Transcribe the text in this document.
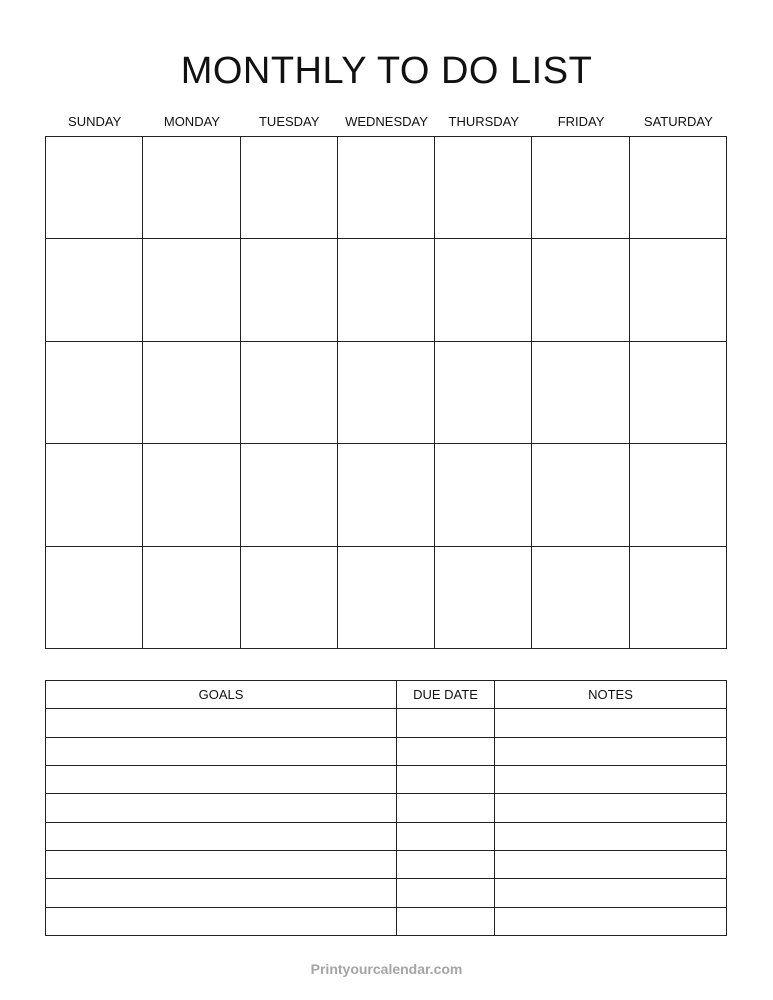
MONTHLY TO DO LIST
SUNDAY	MONDAY	TUESDAY	WEDNESDAY	THURSDAY	FRIDAY	SATURDAY
GOALS	DUE DATE	NOTES
Printyourcalendar.com
